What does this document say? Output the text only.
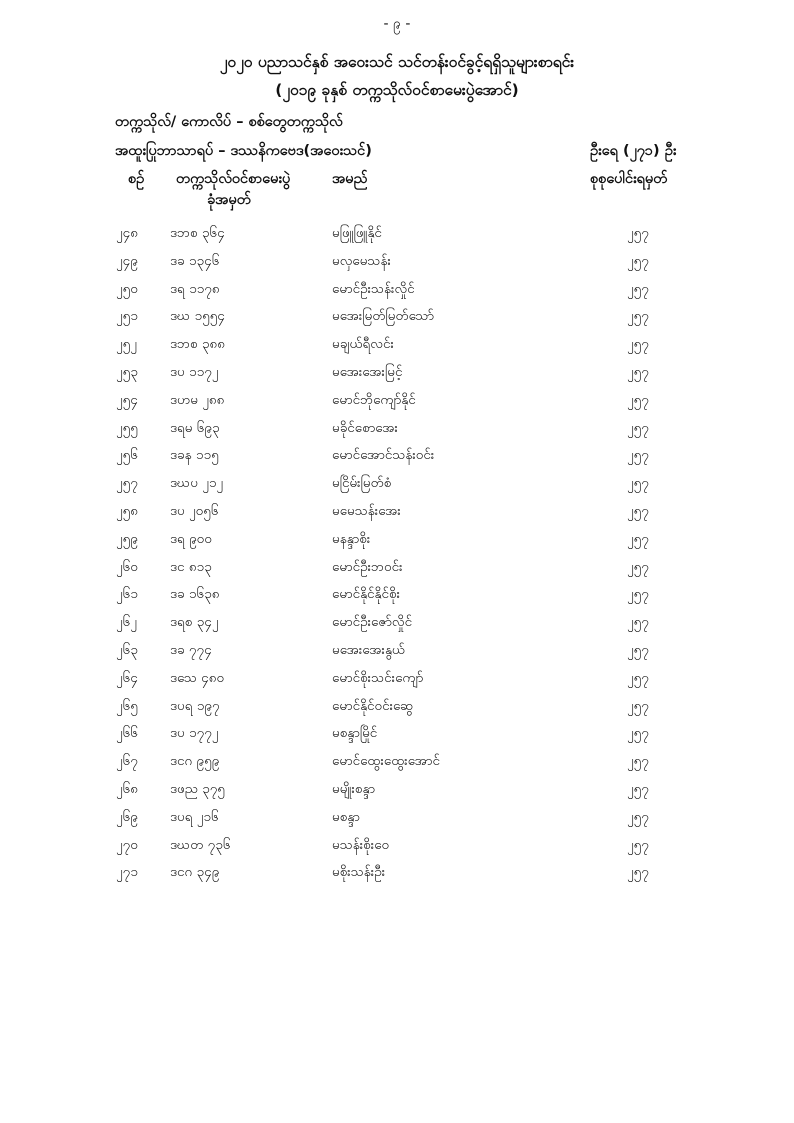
- ၉ -
၂၀၂၀ ပညာသင်နှစ် အဝေးသင် သင်တန်းဝင်ခွင့်ရရှိသူများစာရင်း
(၂၀၁၉ ခုနှစ် တက္ကသိုလ်ဝင်စာမေးပွဲအောင်)
တက္ကသိုလ်/ ကောလိပ် – စစ်တွေတက္ကသိုလ်
အထူးပြုဘာသာရပ် – ဒဿနိကဗေဒ(အဝေးသင်)	ဦးရေ (၂၇၁) ဦး
စဉ် တက္ကသိုလ်ဝင်စာမေးပွဲ
ခုံအမှတ်
အမည်	စုစုပေါင်းရမှတ်
၂၄၈ ဒဘစ ၃၆၄	မဖြူဖြူနိုင်	၂၅၇
၂၄၉ ဒခ ၁၃၄၆	မလှမေသန်း	၂၅၇
၂၅၀ ဒရ ၁၁၇၈	မောင်ဦးသန်းလှိုင်	၂၅၇
၂၅၁ ဒဃ ၁၅၅၄	မအေးမြတ်မြတ်သော်	၂၅၇
၂၅၂ ဒဘစ ၃၈၈	မချယ်ရီလင်း	၂၅၇
၂၅၃ ဒပ ၁၁၇၂	မအေးအေးမြင့်	၂၅၇
၂၅၄ ဒဟမ ၂၈၈	မောင်ဘိုကျော်နိုင်	၂၅၇
၂၅၅ ဒရမ ၆၉၃	မခိုင်စောအေး	၂၅၇
၂၅၆ ဒခန ၁၁၅	မောင်အောင်သန်းဝင်း	၂၅၇
၂၅၇ ဒဃပ ၂၁၂	မငြိမ်းမြတ်စံ	၂၅၇
၂၅၈ ဒပ ၂၀၅၆	မမေသန်းအေး	၂၅၇
၂၅၉ ဒရ ၉၀၀	မနန္ဒာစိုး	၂၅၇
၂၆၀ ဒင ၈၁၃	မောင်ဦးဘဝင်း	၂၅၇
၂၆၁ ဒခ ၁၆၃၈	မောင်နိုင်နိုင်စိုး	၂၅၇
၂၆၂ ဒရစ ၃၄၂	မောင်ဦးဇော်လှိုင်	၂၅၇
၂၆၃ ဒခ ၇၇၄	မအေးအေးနွယ်	၂၅၇
၂၆၄ ဒသေ ၄၈၀	မောင်စိုးသင်းကျော်	၂၅၇
၂၆၅ ဒပရ ၁၉၇	မောင်နိုင်ဝင်းဆွေ	၂၅၇
၂၆၆ ဒပ ၁၇၇၂	မစန္ဒာမြိုင်	၂၅၇
၂၆၇ ဒငဂ ၉၅၉	မောင်ထွေးထွေးအောင်	၂၅၇
၂၆၈ ဒဖည ၃၇၅	မမျိုးစန္ဒာ	၂၅၇
၂၆၉ ဒပရ ၂၁၆	မစန္ဒာ	၂၅၇
၂၇၀ ဒဃတ ၇၃၆	မသန်းစိုးဝေ	၂၅၇
၂၇၁ ဒငဂ ၃၄၉	မစိုးသန်းဦး	၂၅၇
